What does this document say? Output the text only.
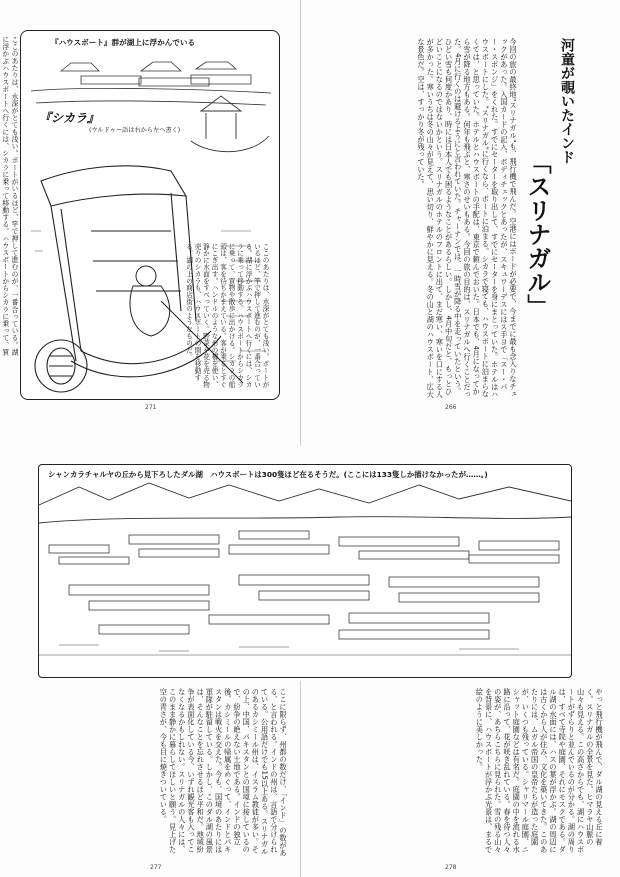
『ハウスボート』群が湖上に浮かんでいる
『シカラ』
(ウルドゥー語は右から左へ書く)
ここのあたりは、水深がとても浅い。ボートがいるほど、竿で押して進むのが、一番合っている。湖に浮かぶハウスボートへ行くには、シカラに乗って移動する。ハウスボートからシカラに乗って、買物や散歩に出かける。シカラの船頭は、客を待ちかまえている。客が乗るとすぐにこぎ出す。ハンドルのような形の櫂を使い、静かに水面をすべっていく。野菜や花を売る物売りのシカラも、ハウスボートの間を移動する。湖の上の商店街のようなものだ。
ここのあたりは、水深がとても浅い。ボートがいるほど、竿で押して進むのが、一番合っている。湖に浮かぶハウスボートへ行くには、シカラに乗って移動する。ハウスボートからシカラに乗って、買
271
河童が覗いたインド
「スリナガル」
今回の旅の最終地"スリナガル"も、飛行機で飛んだ。空港にはボードが必要で、今までに最も念入りなチェックがあった。入国カードの記入、ボディチェックとあったが、スキュワーデスにはス手ヨで「スー・パー・スポンジ」をくれた。すでにセーターを取り出して、すでにセーターを身にまとっていた。ホテルはハウスボートにした。"スリナガル"に行くなら、ボートに泊まる。シカラで寝ても、ハウスボートに泊まらなくては、と思っていた。ホテルとハウスボートの手配は、東京で頼んでおいた。日本でも、4月になってから雪が降る地方もある。何年も飛ぶと、寒さのせいもある。今回の旅の目的は、スリナガルへ行くことだった。4月に行くのは避けるようにと言われていた。チャーナンでは、一時雪が降る中を走っていたという。ひどい雪も何度かあり、時には日本人でも困るようなことがあるらしい。しかし、4月中旬だと、もっとひどいことになるのではないかという。スリナガルのホテルのフロントに出て、まだ寒い、寒いを口にする人が多かった。寒いうちは冬の山々が見えて、思い切り、鮮やかに見える。冬の山と湖のハウスボート、広大な景色だ。空は、すっかり冬が残っていた。
266
シャンカラチャルヤの丘から見下ろしたダル湖　ハウスボートは300隻ほど在るそうだ。(ここには133隻しか描けなかったが……。)
ここに限らず、州都の数だけ、「インド」の数がある、と言われる。インドの州は、言語で分けられている。公用語だけでも15以上ある。スリナガルのあるカシミール州は、イスラム教徒が多い。その上、中国、パキスタンとの国境に接しているので、紛争の絶えない土地である。インドの独立後、カシミールの帰属をめぐって、インドとパキスタンは戦火を交えた。今も、国境のあたりには軍隊が駐留している。しかし、このダル湖の風景は、そんなことを忘れさせるほど平和だ。地域紛争が表面化している今、いずれ観光客も入ってこなくなるかもしれない。スリナガルの人々には、このまま静かに暮らしてほしいと願う。見上げた空の青さが、今も目に焼きついている。
277
やっと飛行機が飛んで、ダル湖の見える丘に着く。スリナガルの全景を見た。ヒマラヤ山脈の山々も見える。この高さからでも、湖にハウスボートがずらりと並んでいるのが分かる。湖の周りは、すべて寺院や庭園、それにモスクである。ダル湖の水面には、ハスの葉が浮かぶ。湖の周辺には古くから人が住み、文化を築いてきた。このあたりには、ムガル帝国の皇帝たちが造った庭園が、いくつも残っている。シャリマール庭園、ニシャット庭園などは有名だ。庭園の中を流れる水路に沿って、花が咲き乱れている。春を待つ人々の姿が、あちらこちらに見られた。雪の残る山々を背景に、ハウスボートが浮かぶ光景は、まるで絵のように美しかった。
278
